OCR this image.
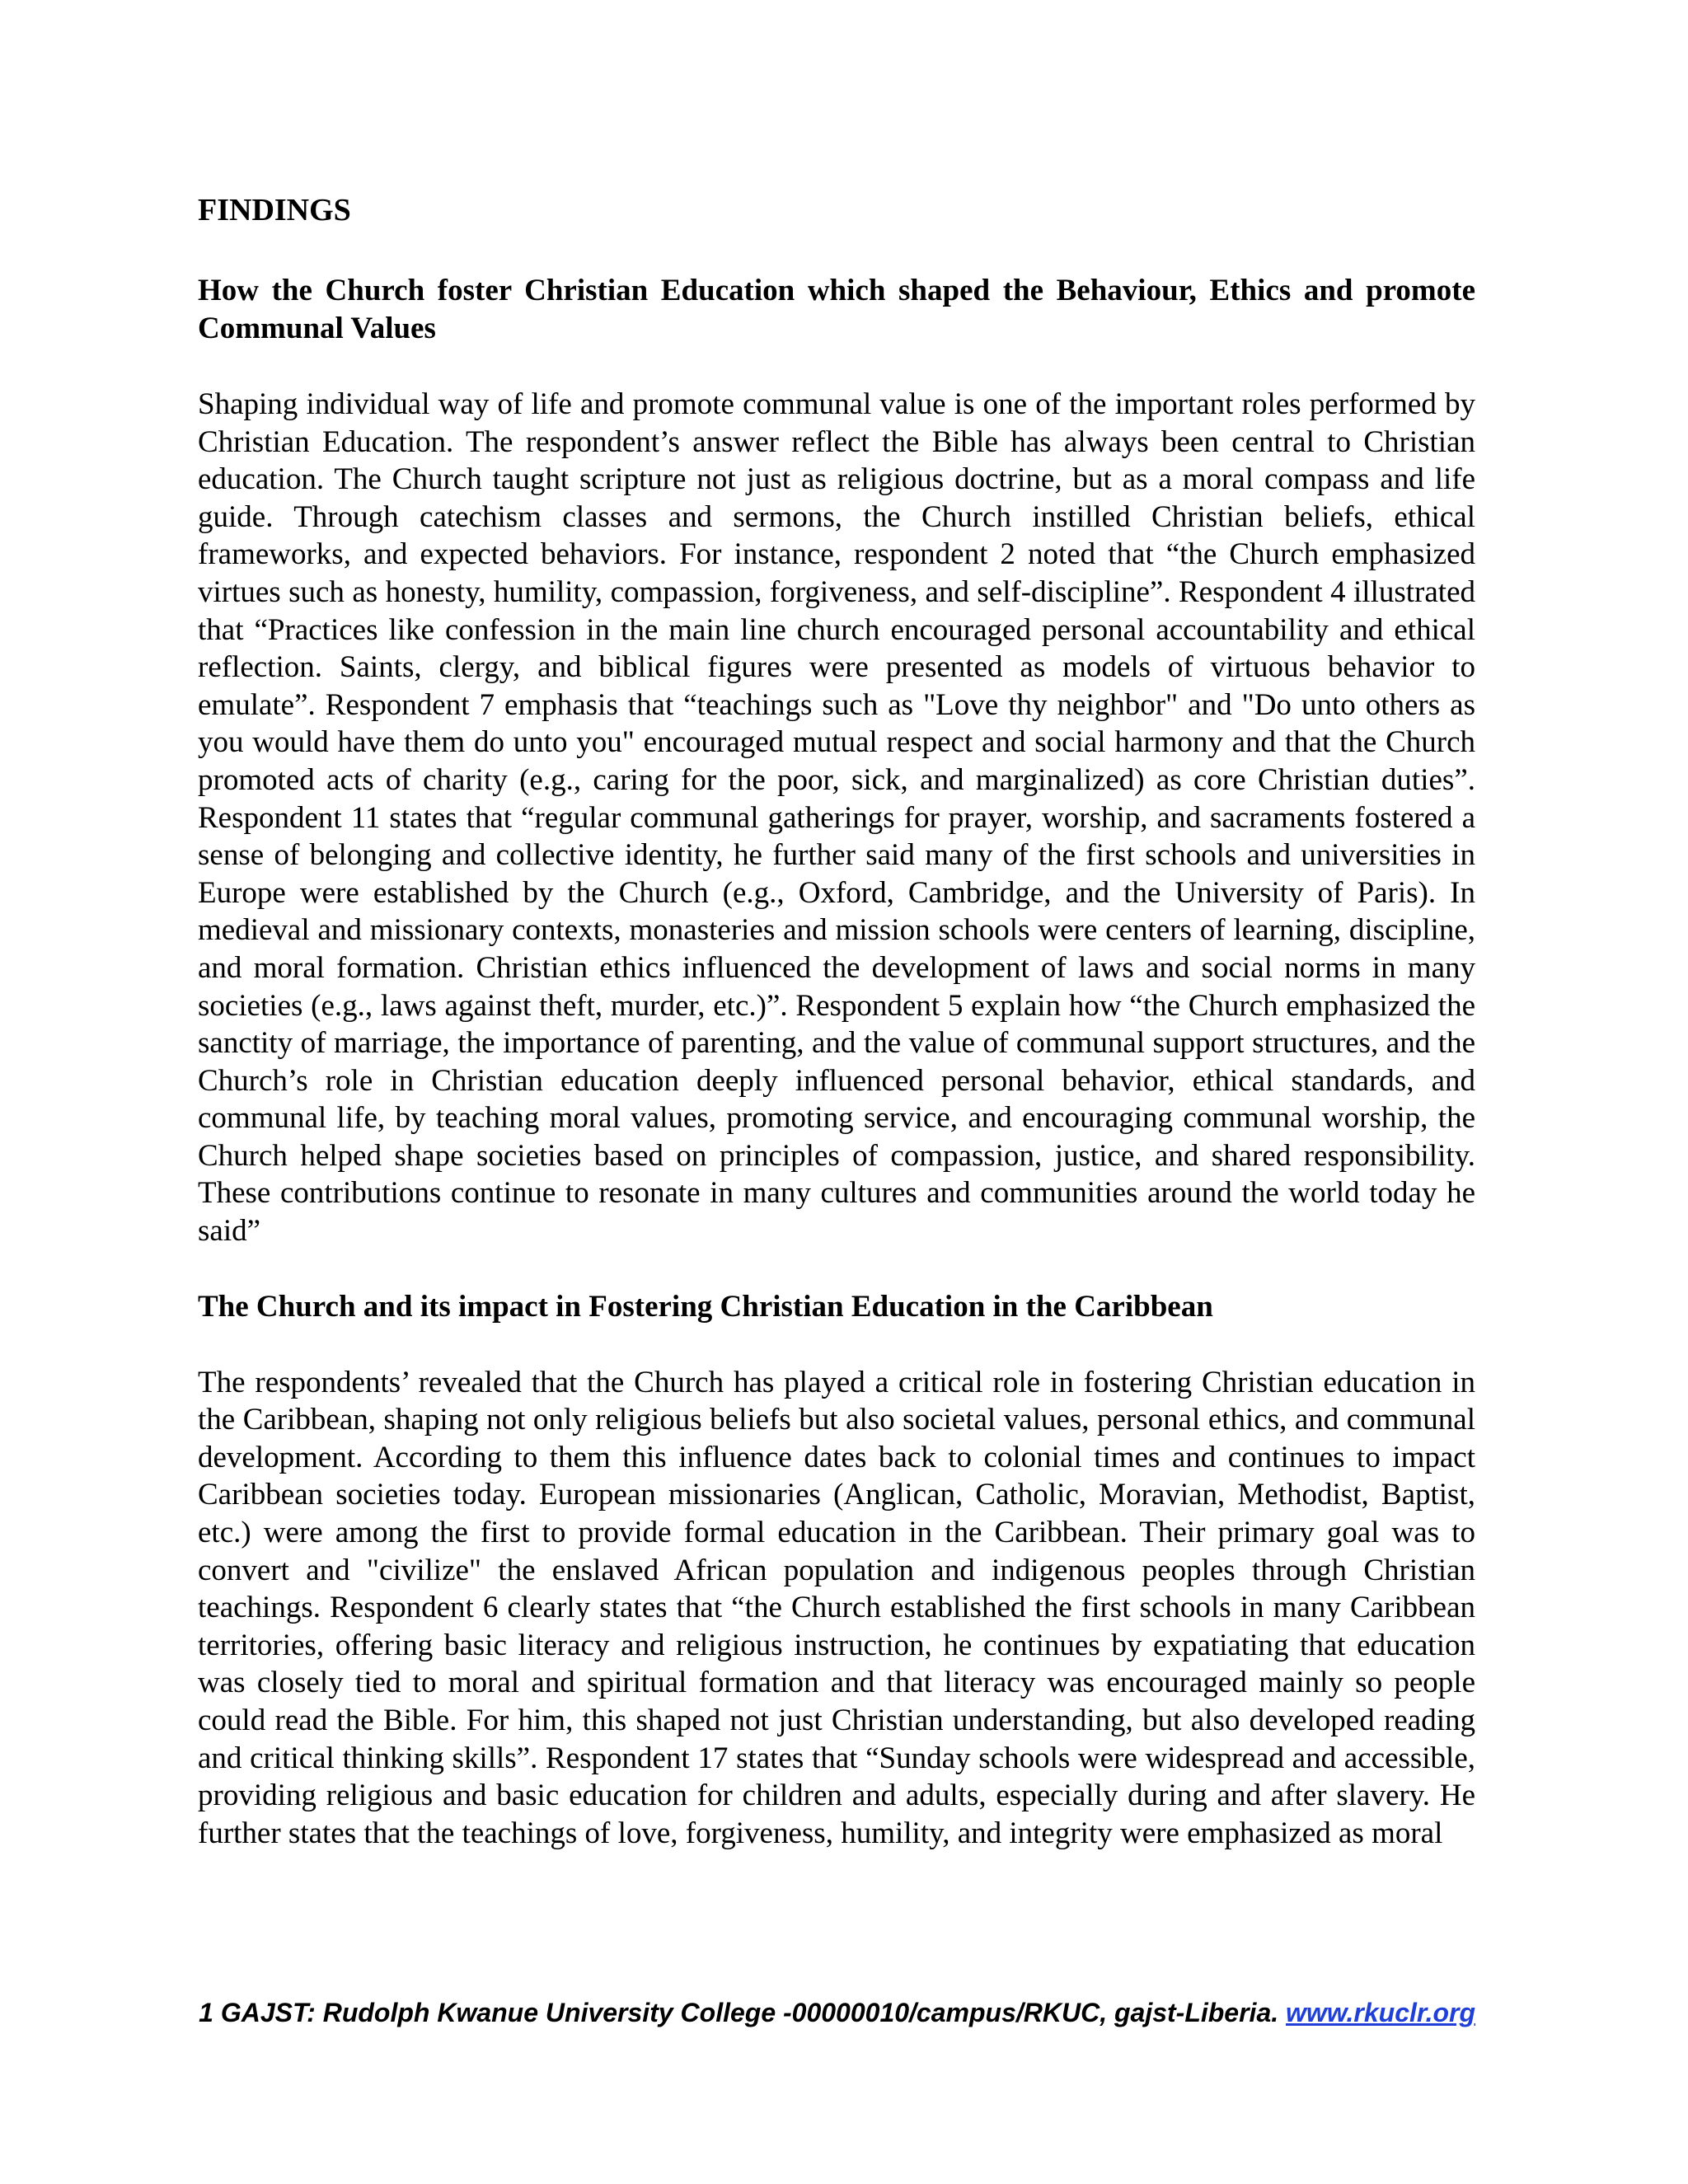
FINDINGS
How the Church foster Christian Education which shaped the Behaviour, Ethics and promote Communal Values
Shaping individual way of life and promote communal value is one of the important roles performed by Christian Education. The respondent’s answer reflect the Bible has always been central to Christian education. The Church taught scripture not just as religious doctrine, but as a moral compass and life guide. Through catechism classes and sermons, the Church instilled Christian beliefs, ethical frameworks, and expected behaviors. For instance, respondent 2 noted that “the Church emphasized virtues such as honesty, humility, compassion, forgiveness, and self-discipline”. Respondent 4 illustrated that “Practices like confession in the main line church encouraged personal accountability and ethical reflection. Saints, clergy, and biblical figures were presented as models of virtuous behavior to emulate”. Respondent 7 emphasis that “teachings such as "Love thy neighbor" and "Do unto others as you would have them do unto you" encouraged mutual respect and social harmony and that the Church promoted acts of charity (e.g., caring for the poor, sick, and marginalized) as core Christian duties”. Respondent 11 states that “regular communal gatherings for prayer, worship, and sacraments fostered a sense of belonging and collective identity, he further said many of the first schools and universities in Europe were established by the Church (e.g., Oxford, Cambridge, and the University of Paris). In medieval and missionary contexts, monasteries and mission schools were centers of learning, discipline, and moral formation. Christian ethics influenced the development of laws and social norms in many societies (e.g., laws against theft, murder, etc.)”. Respondent 5 explain how “the Church emphasized the sanctity of marriage, the importance of parenting, and the value of communal support structures, and the Church’s role in Christian education deeply influenced personal behavior, ethical standards, and communal life, by teaching moral values, promoting service, and encouraging communal worship, the Church helped shape societies based on principles of compassion, justice, and shared responsibility. These contributions continue to resonate in many cultures and communities around the world today he said”
The Church and its impact in Fostering Christian Education in the Caribbean
The respondents’ revealed that the Church has played a critical role in fostering Christian education in the Caribbean, shaping not only religious beliefs but also societal values, personal ethics, and communal development. According to them this influence dates back to colonial times and continues to impact Caribbean societies today. European missionaries (Anglican, Catholic, Moravian, Methodist, Baptist, etc.) were among the first to provide formal education in the Caribbean. Their primary goal was to convert and "civilize" the enslaved African population and indigenous peoples through Christian teachings. Respondent 6 clearly states that “the Church established the first schools in many Caribbean territories, offering basic literacy and religious instruction, he continues by expatiating that education was closely tied to moral and spiritual formation and that literacy was encouraged mainly so people could read the Bible. For him, this shaped not just Christian understanding, but also developed reading and critical thinking skills”. Respondent 17 states that “Sunday schools were widespread and accessible, providing religious and basic education for children and adults, especially during and after slavery. He further states that the teachings of love, forgiveness, humility, and integrity were emphasized as moral
1 GAJST: Rudolph Kwanue University College -00000010/campus/RKUC, gajst-Liberia. www.rkuclr.org
